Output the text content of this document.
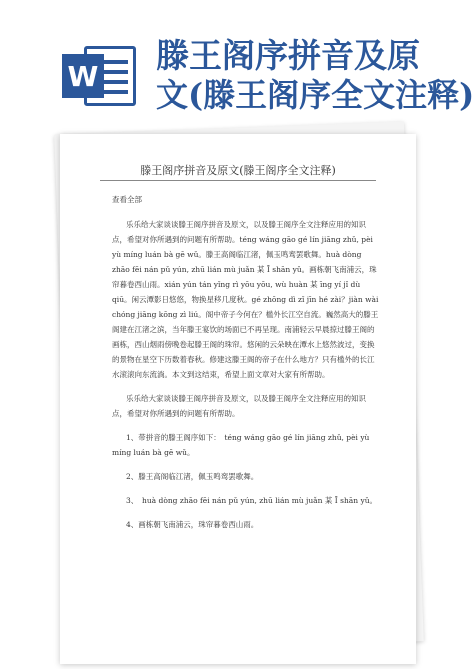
W
滕王阁序拼音及原
文(滕王阁序全文注释)
滕王阁序拼音及原文(滕王阁序全文注释)

查看全部

乐乐给大家谈谈滕王阁序拼音及原文，以及滕王阁序全文注释应用的知识点，希望对你所遇到的问题有所帮助。téng wáng gāo gé lín jiāng zhǔ, pèi yù míng luán bà gē wǔ。滕王高阁临江渚，佩玉鸣鸾罢歌舞。huà dòng zhāo fēi nán pǔ yún, zhū lián mù juǎn 某 Ī shān yǔ。画栋朝飞南浦云，珠帘暮卷西山雨。xián yún tán yǐng rì yōu yōu, wù huàn 某 īng yí jǐ dù qiū。闲云潭影日悠悠，物换星移几度秋。gé zhōng dì zǐ jīn hé zài？jiàn wài chóng jiāng kōng zì liú。阁中帝子今何在？槛外长江空自流。巍然高大的滕王阁建在江渚之滨，当年滕王宴饮的场面已不再呈现。南浦轻云早晨掠过滕王阁的画栋，西山烟雨傍晚卷起滕王阁的珠帘。悠闲的云朵映在潭水上悠然波过，变换的景物在星空下历数着春秋。修建这滕王阁的帝子在什么地方？只有槛外的长江水滚滚向东流淌。本文到这结束，希望上面文章对大家有所帮助。

乐乐给大家谈谈滕王阁序拼音及原文，以及滕王阁序全文注释应用的知识点，希望对你所遇到的问题有所帮助。

1、带拼音的滕王阁序如下：　téng wáng gāo gé lín jiāng zhǔ, pèi yù míng luán bà gē wǔ。

2、滕王高阁临江渚，佩玉鸣鸾罢歌舞。

3、　huà dòng zhāo fēi nán pǔ yún, zhū lián mù juǎn 某 Ī shān yǔ。

4、画栋朝飞南浦云，珠帘暮卷西山雨。
